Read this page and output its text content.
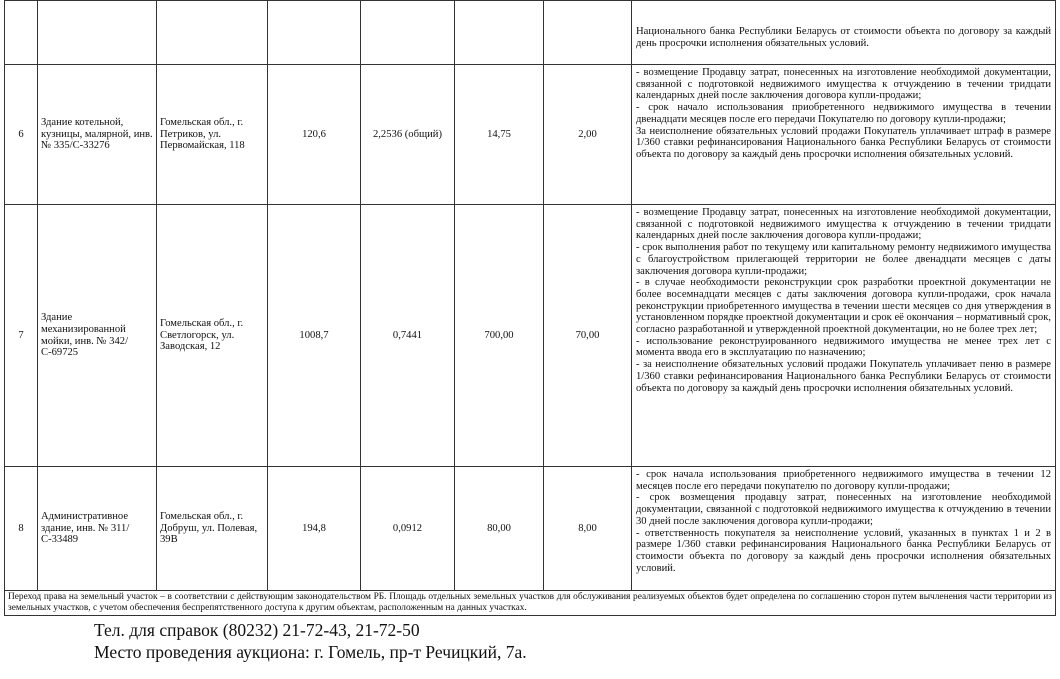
							Национального банка Республики Беларусь от стоимости объекта по договору за каждый день просрочки исполнения обязательных условий.

6	Здание котельной, кузницы, малярной, инв. № 335/С-33276	Гомельская обл., г. Петриков, ул. Первомайская, 118	120,6	2,2536 (общий)	14,75	2,00	- возмещение Продавцу затрат, понесенных на изготовление необходимой документации, связанной с подготовкой недвижимого имущества к отчуждению в течении тридцати календарных дней после заключения договора купли-продажи;
- срок начало использования приобретенного недвижимого имущества в течении двенадцати месяцев после его передачи Покупателю по договору купли-продажи;
За неисполнение обязательных условий продажи Покупатель уплачивает штраф в размере 1/360 ставки рефинансирования Национального банка Республики Беларусь от стоимости объекта по договору за каждый день просрочки исполнения обязательных условий.

7	Здание механизированной мойки, инв. № 342/С-69725	Гомельская обл., г. Светлогорск, ул. Заводская, 12	1008,7	0,7441	700,00	70,00	- возмещение Продавцу затрат, понесенных на изготовление необходимой документации, связанной с подготовкой недвижимого имущества к отчуждению в течении тридцати календарных дней после заключения договора купли-продажи;
- срок выполнения работ по текущему или капитальному ремонту недвижимого имущества с благоустройством прилегающей территории не более двенадцати месяцев с даты заключения договора купли-продажи;
- в случае необходимости реконструкции срок разработки проектной документации не более восемнадцати месяцев с даты заключения договора купли-продажи, срок начала реконструкции приобретенного имущества в течении шести месяцев со дня утверждения в установленном порядке проектной документации и срок её окончания – нормативный срок, согласно разработанной и утвержденной проектной документации, но не более трех лет;
- использование реконструированного недвижимого имущества не менее трех лет с момента ввода его в эксплуатацию по назначению;
- за неисполнение обязательных условий продажи Покупатель уплачивает пеню в размере 1/360 ставки рефинансирования Национального банка Республики Беларусь от стоимости объекта по договору за каждый день просрочки исполнения обязательных условий.

8	Административное здание, инв. № 311/С-33489	Гомельская обл., г. Добруш, ул. Полевая, 39В	194,8	0,0912	80,00	8,00	- срок начала использования приобретенного недвижимого имущества в течении 12 месяцев после его передачи покупателю по договору купли-продажи;
- срок возмещения продавцу затрат, понесенных на изготовление необходимой документации, связанной с подготовкой недвижимого имущества к отчуждению в течении 30 дней после заключения договора купли-продажи;
- ответственность покупателя за неисполнение условий, указанных в пунктах 1 и 2 в размере 1/360 ставки рефинансирования Национального банка Республики Беларусь от стоимости объекта по договору за каждый день просрочки исполнения обязательных условий.

Переход права на земельный участок – в соответствии с действующим законодательством РБ. Площадь отдельных земельных участков для обслуживания реализуемых объектов будет определена по соглашению сторон путем вычленения части территории из земельных участков, с учетом обеспечения беспрепятственного доступа к другим объектам, расположенным на данных участках.							
Тел. для справок (80232) 21-72-43, 21-72-50
Место проведения аукциона: г. Гомель, пр-т Речицкий, 7а.
